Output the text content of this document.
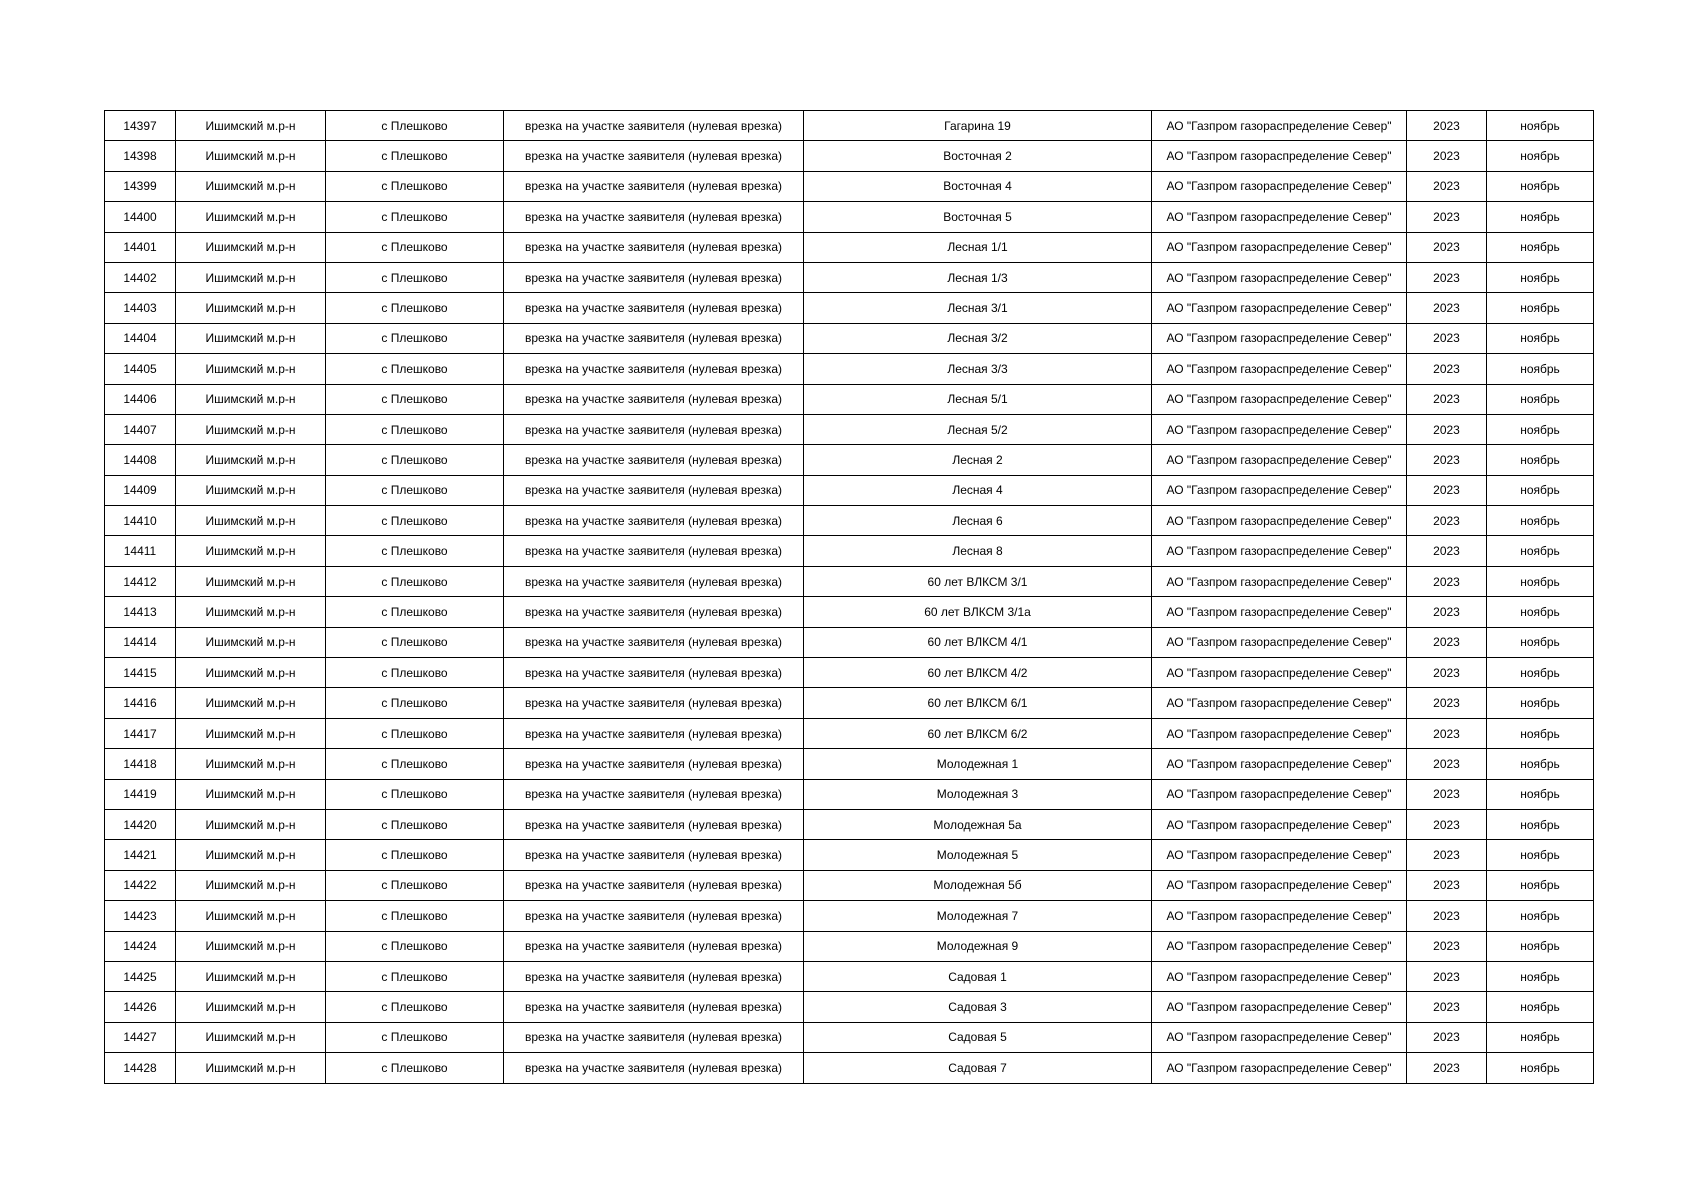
14397	Ишимский м.р-н	с Плешково	врезка на участке заявителя (нулевая врезка)	Гагарина 19	АО "Газпром газораспределение Север"	2023	ноябрь
14398	Ишимский м.р-н	с Плешково	врезка на участке заявителя (нулевая врезка)	Восточная 2	АО "Газпром газораспределение Север"	2023	ноябрь
14399	Ишимский м.р-н	с Плешково	врезка на участке заявителя (нулевая врезка)	Восточная 4	АО "Газпром газораспределение Север"	2023	ноябрь
14400	Ишимский м.р-н	с Плешково	врезка на участке заявителя (нулевая врезка)	Восточная 5	АО "Газпром газораспределение Север"	2023	ноябрь
14401	Ишимский м.р-н	с Плешково	врезка на участке заявителя (нулевая врезка)	Лесная 1/1	АО "Газпром газораспределение Север"	2023	ноябрь
14402	Ишимский м.р-н	с Плешково	врезка на участке заявителя (нулевая врезка)	Лесная 1/3	АО "Газпром газораспределение Север"	2023	ноябрь
14403	Ишимский м.р-н	с Плешково	врезка на участке заявителя (нулевая врезка)	Лесная 3/1	АО "Газпром газораспределение Север"	2023	ноябрь
14404	Ишимский м.р-н	с Плешково	врезка на участке заявителя (нулевая врезка)	Лесная 3/2	АО "Газпром газораспределение Север"	2023	ноябрь
14405	Ишимский м.р-н	с Плешково	врезка на участке заявителя (нулевая врезка)	Лесная 3/3	АО "Газпром газораспределение Север"	2023	ноябрь
14406	Ишимский м.р-н	с Плешково	врезка на участке заявителя (нулевая врезка)	Лесная 5/1	АО "Газпром газораспределение Север"	2023	ноябрь
14407	Ишимский м.р-н	с Плешково	врезка на участке заявителя (нулевая врезка)	Лесная 5/2	АО "Газпром газораспределение Север"	2023	ноябрь
14408	Ишимский м.р-н	с Плешково	врезка на участке заявителя (нулевая врезка)	Лесная 2	АО "Газпром газораспределение Север"	2023	ноябрь
14409	Ишимский м.р-н	с Плешково	врезка на участке заявителя (нулевая врезка)	Лесная 4	АО "Газпром газораспределение Север"	2023	ноябрь
14410	Ишимский м.р-н	с Плешково	врезка на участке заявителя (нулевая врезка)	Лесная 6	АО "Газпром газораспределение Север"	2023	ноябрь
14411	Ишимский м.р-н	с Плешково	врезка на участке заявителя (нулевая врезка)	Лесная 8	АО "Газпром газораспределение Север"	2023	ноябрь
14412	Ишимский м.р-н	с Плешково	врезка на участке заявителя (нулевая врезка)	60 лет ВЛКСМ 3/1	АО "Газпром газораспределение Север"	2023	ноябрь
14413	Ишимский м.р-н	с Плешково	врезка на участке заявителя (нулевая врезка)	60 лет ВЛКСМ 3/1а	АО "Газпром газораспределение Север"	2023	ноябрь
14414	Ишимский м.р-н	с Плешково	врезка на участке заявителя (нулевая врезка)	60 лет ВЛКСМ 4/1	АО "Газпром газораспределение Север"	2023	ноябрь
14415	Ишимский м.р-н	с Плешково	врезка на участке заявителя (нулевая врезка)	60 лет ВЛКСМ 4/2	АО "Газпром газораспределение Север"	2023	ноябрь
14416	Ишимский м.р-н	с Плешково	врезка на участке заявителя (нулевая врезка)	60 лет ВЛКСМ 6/1	АО "Газпром газораспределение Север"	2023	ноябрь
14417	Ишимский м.р-н	с Плешково	врезка на участке заявителя (нулевая врезка)	60 лет ВЛКСМ 6/2	АО "Газпром газораспределение Север"	2023	ноябрь
14418	Ишимский м.р-н	с Плешково	врезка на участке заявителя (нулевая врезка)	Молодежная 1	АО "Газпром газораспределение Север"	2023	ноябрь
14419	Ишимский м.р-н	с Плешково	врезка на участке заявителя (нулевая врезка)	Молодежная 3	АО "Газпром газораспределение Север"	2023	ноябрь
14420	Ишимский м.р-н	с Плешково	врезка на участке заявителя (нулевая врезка)	Молодежная 5а	АО "Газпром газораспределение Север"	2023	ноябрь
14421	Ишимский м.р-н	с Плешково	врезка на участке заявителя (нулевая врезка)	Молодежная 5	АО "Газпром газораспределение Север"	2023	ноябрь
14422	Ишимский м.р-н	с Плешково	врезка на участке заявителя (нулевая врезка)	Молодежная 5б	АО "Газпром газораспределение Север"	2023	ноябрь
14423	Ишимский м.р-н	с Плешково	врезка на участке заявителя (нулевая врезка)	Молодежная 7	АО "Газпром газораспределение Север"	2023	ноябрь
14424	Ишимский м.р-н	с Плешково	врезка на участке заявителя (нулевая врезка)	Молодежная 9	АО "Газпром газораспределение Север"	2023	ноябрь
14425	Ишимский м.р-н	с Плешково	врезка на участке заявителя (нулевая врезка)	Садовая 1	АО "Газпром газораспределение Север"	2023	ноябрь
14426	Ишимский м.р-н	с Плешково	врезка на участке заявителя (нулевая врезка)	Садовая 3	АО "Газпром газораспределение Север"	2023	ноябрь
14427	Ишимский м.р-н	с Плешково	врезка на участке заявителя (нулевая врезка)	Садовая 5	АО "Газпром газораспределение Север"	2023	ноябрь
14428	Ишимский м.р-н	с Плешково	врезка на участке заявителя (нулевая врезка)	Садовая 7	АО "Газпром газораспределение Север"	2023	ноябрь
